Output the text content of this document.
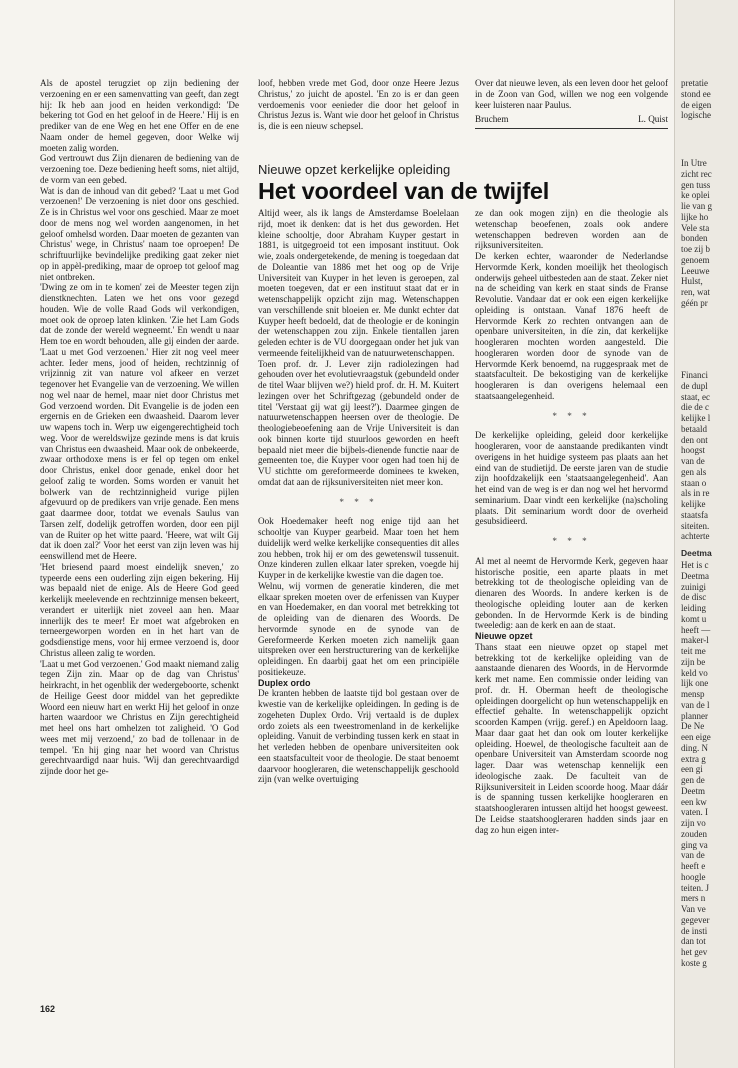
Als de apostel terugziet op zijn bediening der verzoening en er een samenvatting van geeft, dan zegt hij: Ik heb aan jood en heiden verkondigd: 'De bekering tot God en het geloof in de Heere.' Hij is en prediker van de ene Weg en het ene Offer en de ene Naam onder de hemel gegeven, door Welke wij moeten zalig worden.

God vertrouwt dus Zijn dienaren de bediening van de verzoening toe. Deze bediening heeft soms, niet altijd, de vorm van een gebed.

Wat is dan de inhoud van dit gebed? 'Laat u met God verzoenen!' De verzoening is niet door ons geschied. Ze is in Christus wel voor ons geschied. Maar ze moet door de mens nog wel worden aangenomen, in het geloof omhelsd worden. Daar moeten de gezanten van Christus' wege, in Christus' naam toe oproepen! De schriftuurlijke bevindelijke prediking gaat zeker niet op in appèl-prediking, maar de oproep tot geloof mag niet ontbreken.

'Dwing ze om in te komen' zei de Meester tegen zijn dienstknechten. Laten we het ons voor gezegd houden. Wie de volle Raad Gods wil verkondigen, moet ook de oproep laten klinken. 'Zie het Lam Gods dat de zonde der wereld wegneemt.' En wendt u naar Hem toe en wordt behouden, alle gij einden der aarde. 'Laat u met God verzoenen.' Hier zit nog veel meer achter. Ieder mens, jood of heiden, rechtzinnig of vrijzinnig zit van nature vol afkeer en verzet tegenover het Evangelie van de verzoening. We willen nog wel naar de hemel, maar niet door Christus met God verzoend worden. Dit Evangelie is de joden een ergernis en de Grieken een dwaasheid. Daarom lever uw wapens toch in. Werp uw eigengerechtigheid toch weg. Voor de wereldswijze gezinde mens is dat kruis van Christus een dwaasheid. Maar ook de onbekeerde, zwaar orthodoxe mens is er fel op tegen om enkel door Christus, enkel door genade, enkel door het geloof zalig te worden. Soms worden er vanuit het bolwerk van de rechtzinnigheid vurige pijlen afgevuurd op de predikers van vrije genade. Een mens gaat daarmee door, totdat we evenals Saulus van Tarsen zelf, dodelijk getroffen worden, door een pijl van de Ruiter op het witte paard. 'Heere, wat wilt Gij dat ik doen zal?' Voor het eerst van zijn leven was hij eenswillend met de Heere.

'Het briesend paard moest eindelijk sneven,' zo typeerde eens een ouderling zijn eigen bekering. Hij was bepaald niet de enige. Als de Heere God geed kerkelijk meelevende en rechtzinnige mensen bekeert, verandert er uiterlijk niet zoveel aan hen. Maar innerlijk des te meer! Er moet wat afgebroken en terneergeworpen worden en in het hart van de godsdienstige mens, voor hij ermee verzoend is, door Christus alleen zalig te worden.

'Laat u met God verzoenen.' God maakt niemand zalig tegen Zijn zin. Maar op de dag van Christus' heirkracht, in het ogenblik der wedergeboorte, schenkt de Heilige Geest door middel van het gepredikte Woord een nieuw hart en werkt Hij het geloof in onze harten waardoor we Christus en Zijn gerechtigheid met heel ons hart omhelzen tot zaligheid. 'O God wees met mij verzoend,' zo bad de tollenaar in de tempel. 'En hij ging naar het woord van Christus gerechtvaardigd naar huis. 'Wij dan gerechtvaardigd zijnde door het ge-

loof, hebben vrede met God, door onze Heere Jezus Christus,' zo juicht de apostel. 'En zo is er dan geen verdoemenis voor eenieder die door het geloof in Christus Jezus is. Want wie door het geloof in Christus is, die is een nieuw schepsel.

Over dat nieuwe leven, als een leven door het geloof in de Zoon van God, willen we nog een volgende keer luisteren naar Paulus.

Bruchem	L. Quist

Nieuwe opzet kerkelijke opleiding

Het voordeel van de twijfel

Altijd weer, als ik langs de Amsterdamse Boelelaan rijd, moet ik denken: dat is het dus geworden. Het kleine schooltje, door Abraham Kuyper gestart in 1881, is uitgegroeid tot een imposant instituut. Ook wie, zoals ondergetekende, de mening is toegedaan dat de Doleantie van 1886 met het oog op de Vrije Universiteit van Kuyper in het leven is geroepen, zal moeten toegeven, dat er een instituut staat dat er in wetenschappelijk opzicht zijn mag. Wetenschappen van verschillende snit bloeien er. Me dunkt echter dat Kuyper heeft bedoeld, dat de theologie er de koningin der wetenschappen zou zijn. Enkele tientallen jaren geleden echter is de VU doorgegaan onder het juk van vermeende feitelijkheid van de natuurwetenschappen.

Toen prof. dr. J. Lever zijn radiolezingen had gehouden over het evolutievraagstuk (gebundeld onder de titel Waar blijven we?) hield prof. dr. H. M. Kuitert lezingen over het Schriftgezag (gebundeld onder de titel 'Verstaat gij wat gij leest?'). Daarmee gingen de natuurwetenschappen heersen over de theologie. De theologiebeoefening aan de Vrije Universiteit is dan ook binnen korte tijd stuurloos geworden en heeft bepaald niet meer die bijbels-dienende functie naar de gemeenten toe, die Kuyper voor ogen had toen hij de VU stichtte om gereformeerde dominees te kweken, omdat dat aan de rijksuniversiteiten niet meer kon.

* * *

Ook Hoedemaker heeft nog enige tijd aan het schooltje van Kuyper gearbeid. Maar toen het hem duidelijk werd welke kerkelijke consequenties dit alles zou hebben, trok hij er om des gewetenswil tussenuit. Onze kinderen zullen elkaar later spreken, voegde hij Kuyper in de kerkelijke kwestie van die dagen toe.

Welnu, wij vormen de generatie kinderen, die met elkaar spreken moeten over de erfenissen van Kuyper en van Hoedemaker, en dan vooral met betrekking tot de opleiding van de dienaren des Woords. De hervormde synode en de synode van de Gereformeerde Kerken moeten zich namelijk gaan uitspreken over een herstructurering van de kerkelijke opleidingen. En daarbij gaat het om een principiële positiekeuze.

Duplex ordo

De kranten hebben de laatste tijd bol gestaan over de kwestie van de kerkelijke opleidingen. In geding is de zogeheten Duplex Ordo. Vrij vertaald is de duplex ordo zoiets als een tweestromenland in de kerkelijke opleiding. Vanuit de verbinding tussen kerk en staat in het verleden hebben de openbare universiteiten ook een staatsfaculteit voor de theologie. De staat benoemt daarvoor hoogleraren, die wetenschappelijk geschoold zijn (van welke overtuiging

ze dan ook mogen zijn) en die theologie als wetenschap beoefenen, zoals ook andere wetenschappen bedreven worden aan de rijksuniversiteiten.

De kerken echter, waaronder de Nederlandse Hervormde Kerk, konden moeilijk het theologisch onderwijs geheel uitbesteden aan de staat. Zeker niet na de scheiding van kerk en staat sinds de Franse Revolutie. Vandaar dat er ook een eigen kerkelijke opleiding is ontstaan. Vanaf 1876 heeft de Hervormde Kerk zo rechten ontvangen aan de openbare universiteiten, in díe zin, dat kerkelijke hoogleraren mochten worden aangesteld. Die hoogleraren worden door de synode van de Hervormde Kerk benoemd, na ruggespraak met de staatsfaculteit. De bekostiging van de kerkelijke hoogleraren is dan overigens helemaal een staatsaangelegenheid.

* * *

De kerkelijke opleiding, geleid door kerkelijke hoogleraren, voor de aanstaande predikanten vindt overigens in het huidige systeem pas plaats aan het eind van de studietijd. De eerste jaren van de studie zijn hoofdzakelijk een 'staatsaangelegenheid'. Aan het eind van de weg is er dan nog wel het hervormd seminarium. Daar vindt een kerkelijke (na)scholing plaats. Dit seminarium wordt door de overheid gesubsidieerd.

* * *

Al met al neemt de Hervormde Kerk, gegeven haar historische positie, een aparte plaats in met betrekking tot de theologische opleiding van de dienaren des Woords. In andere kerken is de theologische opleiding louter aan de kerken gebonden. In de Hervormde Kerk is de binding tweeledig: aan de kerk en aan de staat.

Nieuwe opzet

Thans staat een nieuwe opzet op stapel met betrekking tot de kerkelijke opleiding van de aanstaande dienaren des Woords, in de Hervormde kerk met name. Een commissie onder leiding van prof. dr. H. Oberman heeft de theologische opleidingen doorgelicht op hun wetenschappelijk en effectief gehalte. In wetenschappelijk opzicht scoorden Kampen (vrijg. geref.) en Apeldoorn laag. Maar daar gaat het dan ook om louter kerkelijke opleiding. Hoewel, de theologische faculteit aan de openbare Universiteit van Amsterdam scoorde nog lager. Daar was wetenschap kennelijk een ideologische zaak. De faculteit van de Rijksuniversiteit in Leiden scoorde hoog. Maar dáár is de spanning tussen kerkelijke hoogleraren en staatshoogleraren intussen altijd het hoogst geweest. De Leidse staatshoogleraren hadden sinds jaar en dag zo hun eigen inter-

162
pretatie
stond ee
de eigen
logische
In Utre
zicht rec
gen tuss
ke oplei
lie van g
lijke ho
Vele sta
bonden
toe zij b
genoem
Leeuwe
Hulst,
ren, wat
géén pr
Financi
de dupl
staat, ec
die de c
kelijke l
betaald
den ont
hoogst
van de
gen als
staan o
als in re
kelijke
staatsfa
siteiten.
achterte
Deetma
Het is c
Deetma
zuinigi
de disc
leiding
komt u
heeft —
maker-l
teit me
zijn be
keld vo
lijk one
mensp
van de l
planner
De Ne
een eige
ding. N
extra g
een gi
gen de
Deetm
een kw
vaten. I
zijn vo
zouden
ging va
van de
heeft e
hoogle
teiten. J
mers n
Van ve
gegever
de insti
dan tot
het gev
koste g
